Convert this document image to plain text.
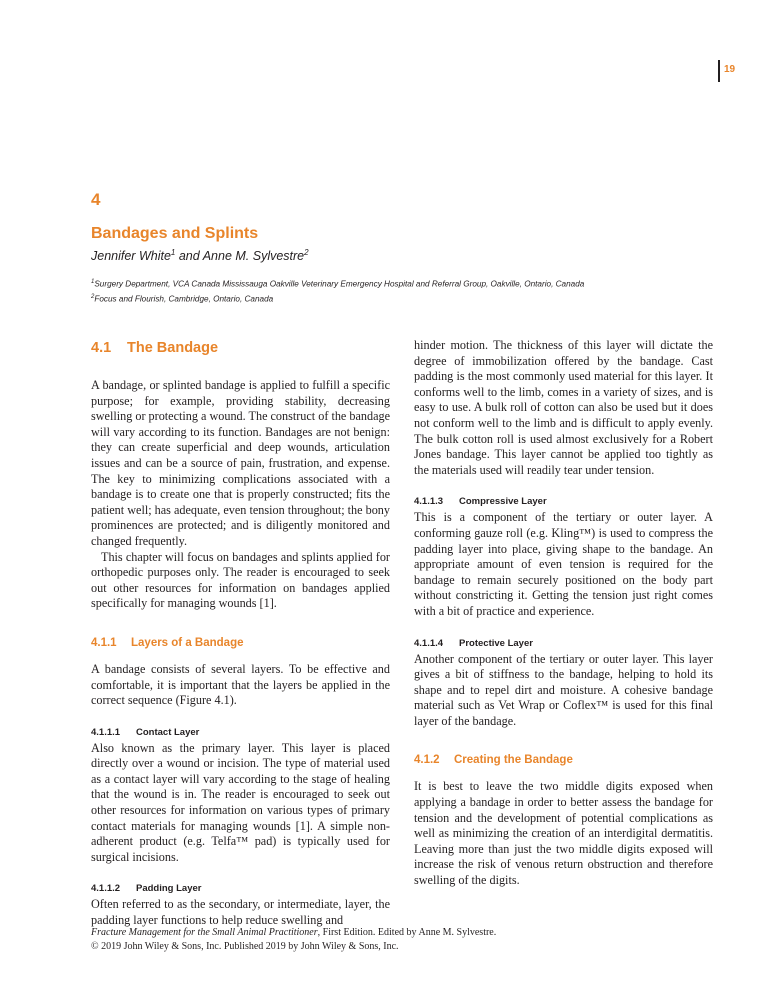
19
4
Bandages and Splints
Jennifer White$^1$ and Anne M. Sylvestre$^2$
$^1$Surgery Department, VCA Canada Mississauga Oakville Veterinary Emergency Hospital and Referral Group, Oakville, Ontario, Canada
$^2$Focus and Flourish, Cambridge, Ontario, Canada
4.1 The Bandage

A bandage, or splinted bandage is applied to fulfill a specific purpose; for example, providing stability, decreasing swelling or protecting a wound. The construct of the bandage will vary according to its function. Bandages are not benign: they can create superficial and deep wounds, articulation issues and can be a source of pain, frustration, and expense. The key to minimizing complications associated with a bandage is to create one that is properly constructed; fits the patient well; has adequate, even tension throughout; the bony prominences are protected; and is diligently monitored and changed frequently.

This chapter will focus on bandages and splints applied for orthopedic purposes only. The reader is encouraged to seek out other resources for information on bandages applied specifically for managing wounds [1].

4.1.1 Layers of a Bandage

A bandage consists of several layers. To be effective and comfortable, it is important that the layers be applied in the correct sequence (Figure 4.1).

4.1.1.1 Contact Layer

Also known as the primary layer. This layer is placed directly over a wound or incision. The type of material used as a contact layer will vary according to the stage of healing that the wound is in. The reader is encouraged to seek out other resources for information on various types of primary contact materials for managing wounds [1]. A simple non-adherent product (e.g. Telfa™ pad) is typically used for surgical incisions.

4.1.1.2 Padding Layer

Often referred to as the secondary, or intermediate, layer, the padding layer functions to help reduce swelling and

hinder motion. The thickness of this layer will dictate the degree of immobilization offered by the bandage. Cast padding is the most commonly used material for this layer. It conforms well to the limb, comes in a variety of sizes, and is easy to use. A bulk roll of cotton can also be used but it does not conform well to the limb and is difficult to apply evenly. The bulk cotton roll is used almost exclusively for a Robert Jones bandage. This layer cannot be applied too tightly as the materials used will readily tear under tension.

4.1.1.3 Compressive Layer

This is a component of the tertiary or outer layer. A conforming gauze roll (e.g. Kling™) is used to compress the padding layer into place, giving shape to the bandage. An appropriate amount of even tension is required for the bandage to remain securely positioned on the body part without constricting it. Getting the tension just right comes with a bit of practice and experience.

4.1.1.4 Protective Layer

Another component of the tertiary or outer layer. This layer gives a bit of stiffness to the bandage, helping to hold its shape and to repel dirt and moisture. A cohesive bandage material such as Vet Wrap or Coflex™ is used for this final layer of the bandage.

4.1.2 Creating the Bandage

It is best to leave the two middle digits exposed when applying a bandage in order to better assess the bandage for tension and the development of potential complications as well as minimizing the creation of an interdigital dermatitis. Leaving more than just the two middle digits exposed will increase the risk of venous return obstruction and therefore swelling of the digits.

Fracture Management for the Small Animal Practitioner, First Edition. Edited by Anne M. Sylvestre.
© 2019 John Wiley & Sons, Inc. Published 2019 by John Wiley & Sons, Inc.
